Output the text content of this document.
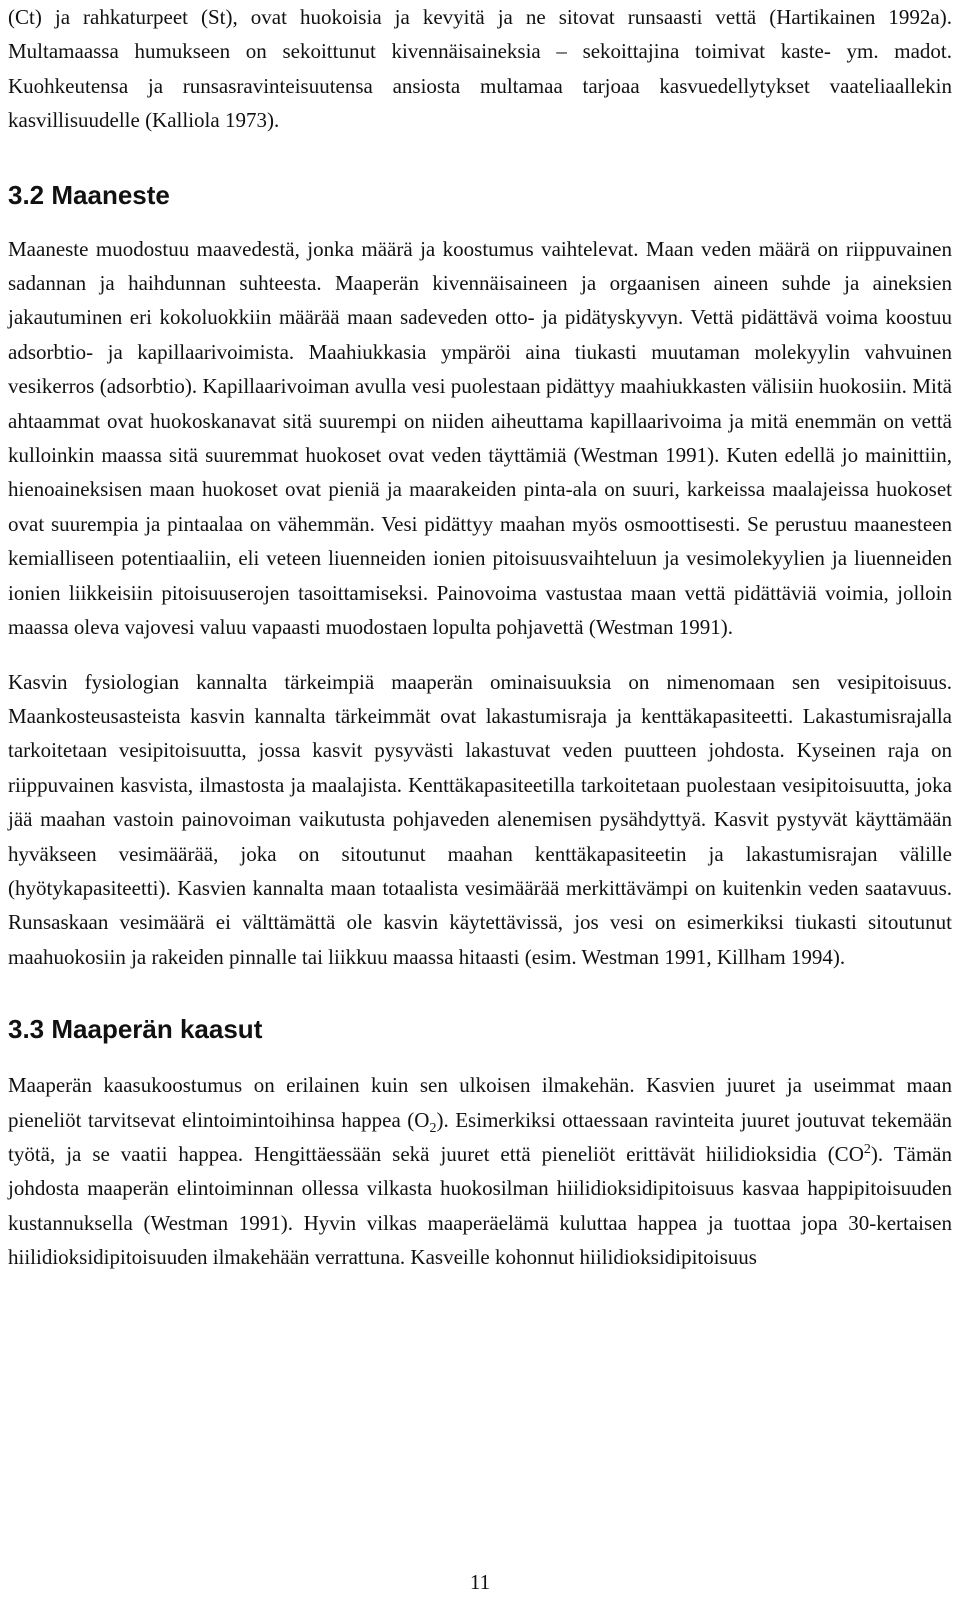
(Ct) ja rahkaturpeet (St), ovat huokoisia ja kevyitä ja ne sitovat runsaasti vettä (Hartikainen 1992a). Multamaassa humukseen on sekoittunut kivennäisaineksia – sekoittajina toimivat kaste- ym. madot. Kuohkeutensa ja runsasravinteisuutensa ansiosta multamaa tarjoaa kasvuedellytykset vaateliaallekin kasvillisuudelle (Kalliola 1973).

3.2 Maaneste

Maaneste muodostuu maavedestä, jonka määrä ja koostumus vaihtelevat. Maan veden määrä on riippuvainen sadannan ja haihdunnan suhteesta. Maaperän kivennäisaineen ja orgaanisen aineen suhde ja aineksien jakautuminen eri kokoluokkiin määrää maan sadeveden otto- ja pidätyskyvyn. Vettä pidättävä voima koostuu adsorbtio- ja kapillaarivoimista. Maahiukkasia ympäröi aina tiukasti muutaman molekyylin vahvuinen vesikerros (adsorbtio). Kapillaarivoiman avulla vesi puolestaan pidättyy maahiukkasten välisiin huokosiin. Mitä ahtaammat ovat huokoskanavat sitä suurempi on niiden aiheuttama kapillaarivoima ja mitä enemmän on vettä kulloinkin maassa sitä suuremmat huokoset ovat veden täyttämiä (Westman 1991). Kuten edellä jo mainittiin, hienoaineksisen maan huokoset ovat pieniä ja maarakeiden pinta-ala on suuri, karkeissa maalajeissa huokoset ovat suurempia ja pintaalaa on vähemmän. Vesi pidättyy maahan myös osmoottisesti. Se perustuu maanesteen kemialliseen potentiaaliin, eli veteen liuenneiden ionien pitoisuusvaihteluun ja vesimolekyylien ja liuenneiden ionien liikkeisiin pitoisuuserojen tasoittamiseksi. Painovoima vastustaa maan vettä pidättäviä voimia, jolloin maassa oleva vajovesi valuu vapaasti muodostaen lopulta pohjavettä (Westman 1991).

Kasvin fysiologian kannalta tärkeimpiä maaperän ominaisuuksia on nimenomaan sen vesipitoisuus. Maankosteusasteista kasvin kannalta tärkeimmät ovat lakastumisraja ja kenttäkapasiteetti. Lakastumisrajalla tarkoitetaan vesipitoisuutta, jossa kasvit pysyvästi lakastuvat veden puutteen johdosta. Kyseinen raja on riippuvainen kasvista, ilmastosta ja maalajista. Kenttäkapasiteetilla tarkoitetaan puolestaan vesipitoisuutta, joka jää maahan vastoin painovoiman vaikutusta pohjaveden alenemisen pysähdyttyä. Kasvit pystyvät käyttämään hyväkseen vesimäärää, joka on sitoutunut maahan kenttäkapasiteetin ja lakastumisrajan välille (hyötykapasiteetti). Kasvien kannalta maan totaalista vesimäärää merkittävämpi on kuitenkin veden saatavuus. Runsaskaan vesimäärä ei välttämättä ole kasvin käytettävissä, jos vesi on esimerkiksi tiukasti sitoutunut maahuokosiin ja rakeiden pinnalle tai liikkuu maassa hitaasti (esim. Westman 1991, Killham 1994).

3.3 Maaperän kaasut

Maaperän kaasukoostumus on erilainen kuin sen ulkoisen ilmakehän. Kasvien juuret ja useimmat maan pieneliöt tarvitsevat elintoimintoihinsa happea $(O_2)$. Esimerkiksi ottaessaan ravinteita juuret joutuvat tekemään työtä, ja se vaatii happea. Hengittäessään sekä juuret että pieneliöt erittävät hiilidioksidia $(CO^2)$. Tämän johdosta maaperän elintoiminnan ollessa vilkasta huokosilman hiilidioksidipitoisuus kasvaa happipitoisuuden kustannuksella (Westman 1991). Hyvin vilkas maaperäelämä kuluttaa happea ja tuottaa jopa 30-kertaisen hiilidioksidipitoisuuden ilmakehään verrattuna. Kasveille kohonnut hiilidioksidipitoisuus

11
